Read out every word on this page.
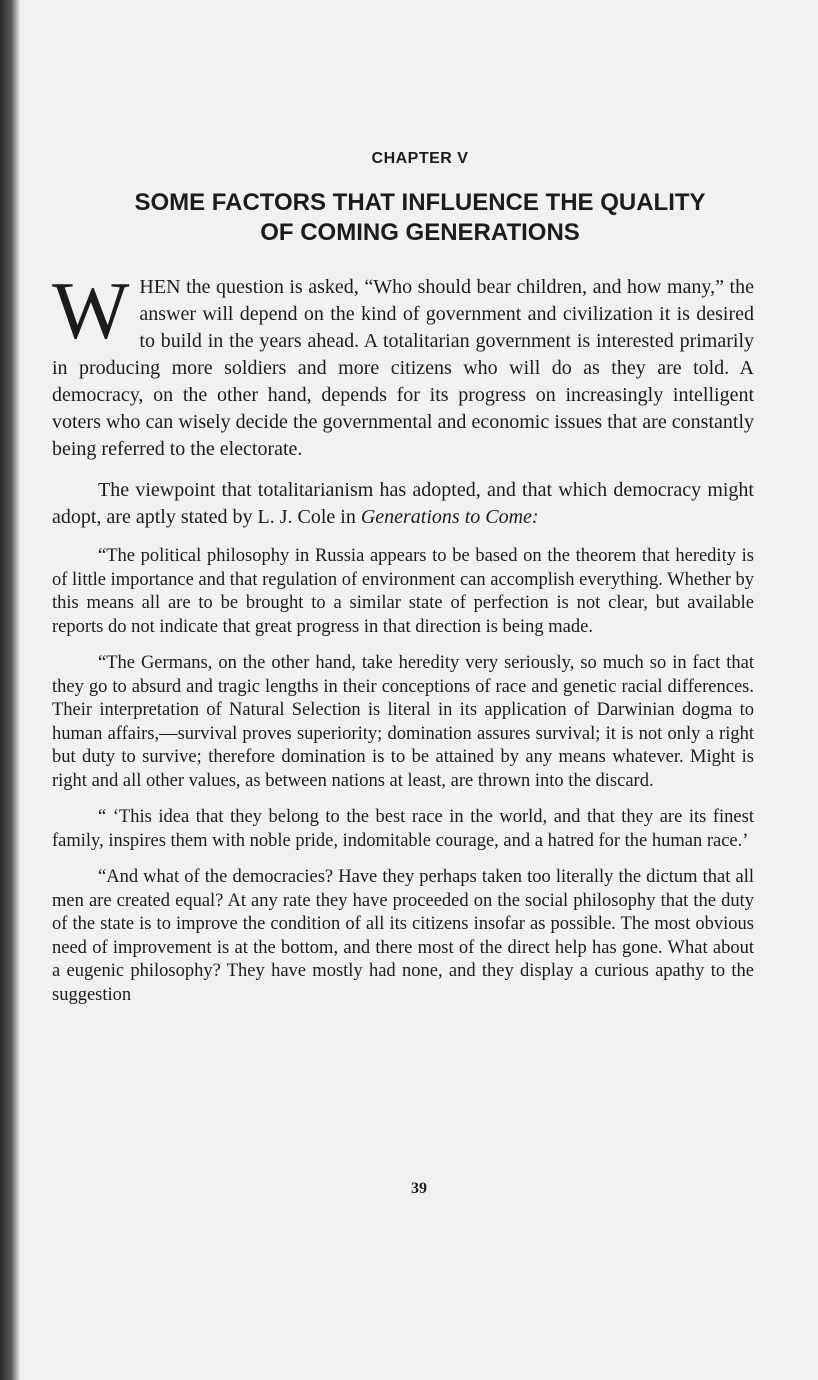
CHAPTER V
SOME FACTORS THAT INFLUENCE THE QUALITY
OF COMING GENERATIONS

WHEN the question is asked, “Who should bear children, and how many,” the answer will depend on the kind of government and civilization it is desired to build in the years ahead. A totalitarian government is interested primarily in producing more soldiers and more citizens who will do as they are told. A democracy, on the other hand, depends for its progress on increasingly intelligent voters who can wisely decide the governmental and economic issues that are constantly being referred to the electorate.

The viewpoint that totalitarianism has adopted, and that which democracy might adopt, are aptly stated by L. J. Cole in Generations to Come:

“The political philosophy in Russia appears to be based on the theorem that heredity is of little importance and that regulation of environment can accomplish everything. Whether by this means all are to be brought to a similar state of perfection is not clear, but available reports do not indicate that great progress in that direction is being made.

“The Germans, on the other hand, take heredity very seriously, so much so in fact that they go to absurd and tragic lengths in their conceptions of race and genetic racial differences. Their interpretation of Natural Selection is literal in its application of Darwinian dogma to human affairs,—survival proves superiority; domination assures survival; it is not only a right but duty to survive; therefore domination is to be attained by any means whatever. Might is right and all other values, as between nations at least, are thrown into the discard.

“ ‘This idea that they belong to the best race in the world, and that they are its finest family, inspires them with noble pride, indomitable courage, and a hatred for the human race.’

“And what of the democracies? Have they perhaps taken too literally the dictum that all men are created equal? At any rate they have proceeded on the social philosophy that the duty of the state is to improve the condition of all its citizens insofar as possible. The most obvious need of improvement is at the bottom, and there most of the direct help has gone. What about a eugenic philosophy? They have mostly had none, and they display a curious apathy to the suggestion

39
